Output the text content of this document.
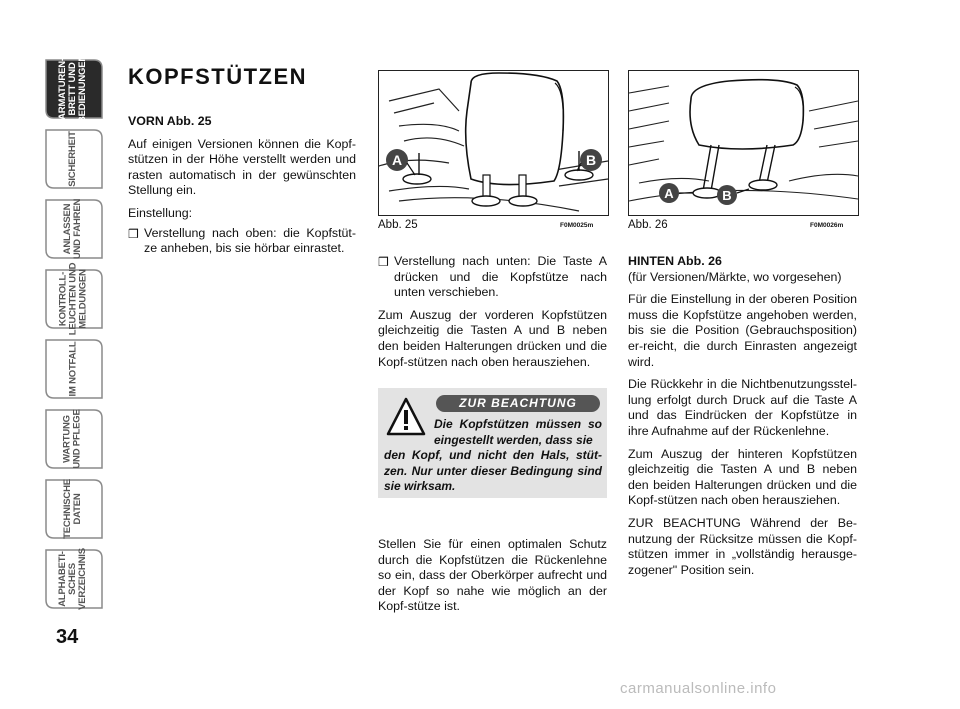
ARMATUREN-
BRETT UND
BEDIENUNGEN
SICHERHEIT
ANLASSEN
UND FAHREN
KONTROLL-
LEUCHTEN UND
MELDUNGEN
IM NOTFALL
WARTUNG
UND PFLEGE
TECHNISCHE
DATEN
ALPHABETI-
SCHES
VERZEICHNIS
34
KOPFSTÜTZEN

VORN Abb. 25

Auf einigen Versionen können die Kopf-stützen in der Höhe verstellt werden und rasten automatisch in der gewünschten Stellung ein.

Einstellung:

❒ Verstellung nach oben: die Kopfstüt-ze anheben, bis sie hörbar einrastet.
A	B
Abb. 25	F0M0025m
A	B
Abb. 26	F0M0026m
❒ Verstellung nach unten: Die Taste A drücken und die Kopfstütze nach unten verschieben.

Zum Auszug der vorderen Kopfstützen gleichzeitig die Tasten A und B neben den beiden Halterungen drücken und die Kopf-stützen nach oben herausziehen.

ZUR BEACHTUNG
Die Kopfstützen müssen so eingestellt werden, dass sie
den Kopf, und nicht den Hals, stüt-zen. Nur unter dieser Bedingung sind sie wirksam.

Stellen Sie für einen optimalen Schutz durch die Kopfstützen die Rückenlehne so ein, dass der Oberkörper aufrecht und der Kopf so nahe wie möglich an der Kopf-stütze ist.

HINTEN Abb. 26

(für Versionen/Märkte, wo vorgesehen)

Für die Einstellung in der oberen Position muss die Kopfstütze angehoben werden, bis sie die Position (Gebrauchsposition) er-reicht, die durch Einrasten angezeigt wird.

Die Rückkehr in die Nichtbenutzungsstel-lung erfolgt durch Druck auf die Taste A und das Eindrücken der Kopfstütze in ihre Aufnahme auf der Rückenlehne.

Zum Auszug der hinteren Kopfstützen gleichzeitig die Tasten A und B neben den beiden Halterungen drücken und die Kopf-stützen nach oben herausziehen.

ZUR BEACHTUNG Während der Be-nutzung der Rücksitze müssen die Kopf-stützen immer in „vollständig herausge-zogener" Position sein.

carmanualsonline.info
